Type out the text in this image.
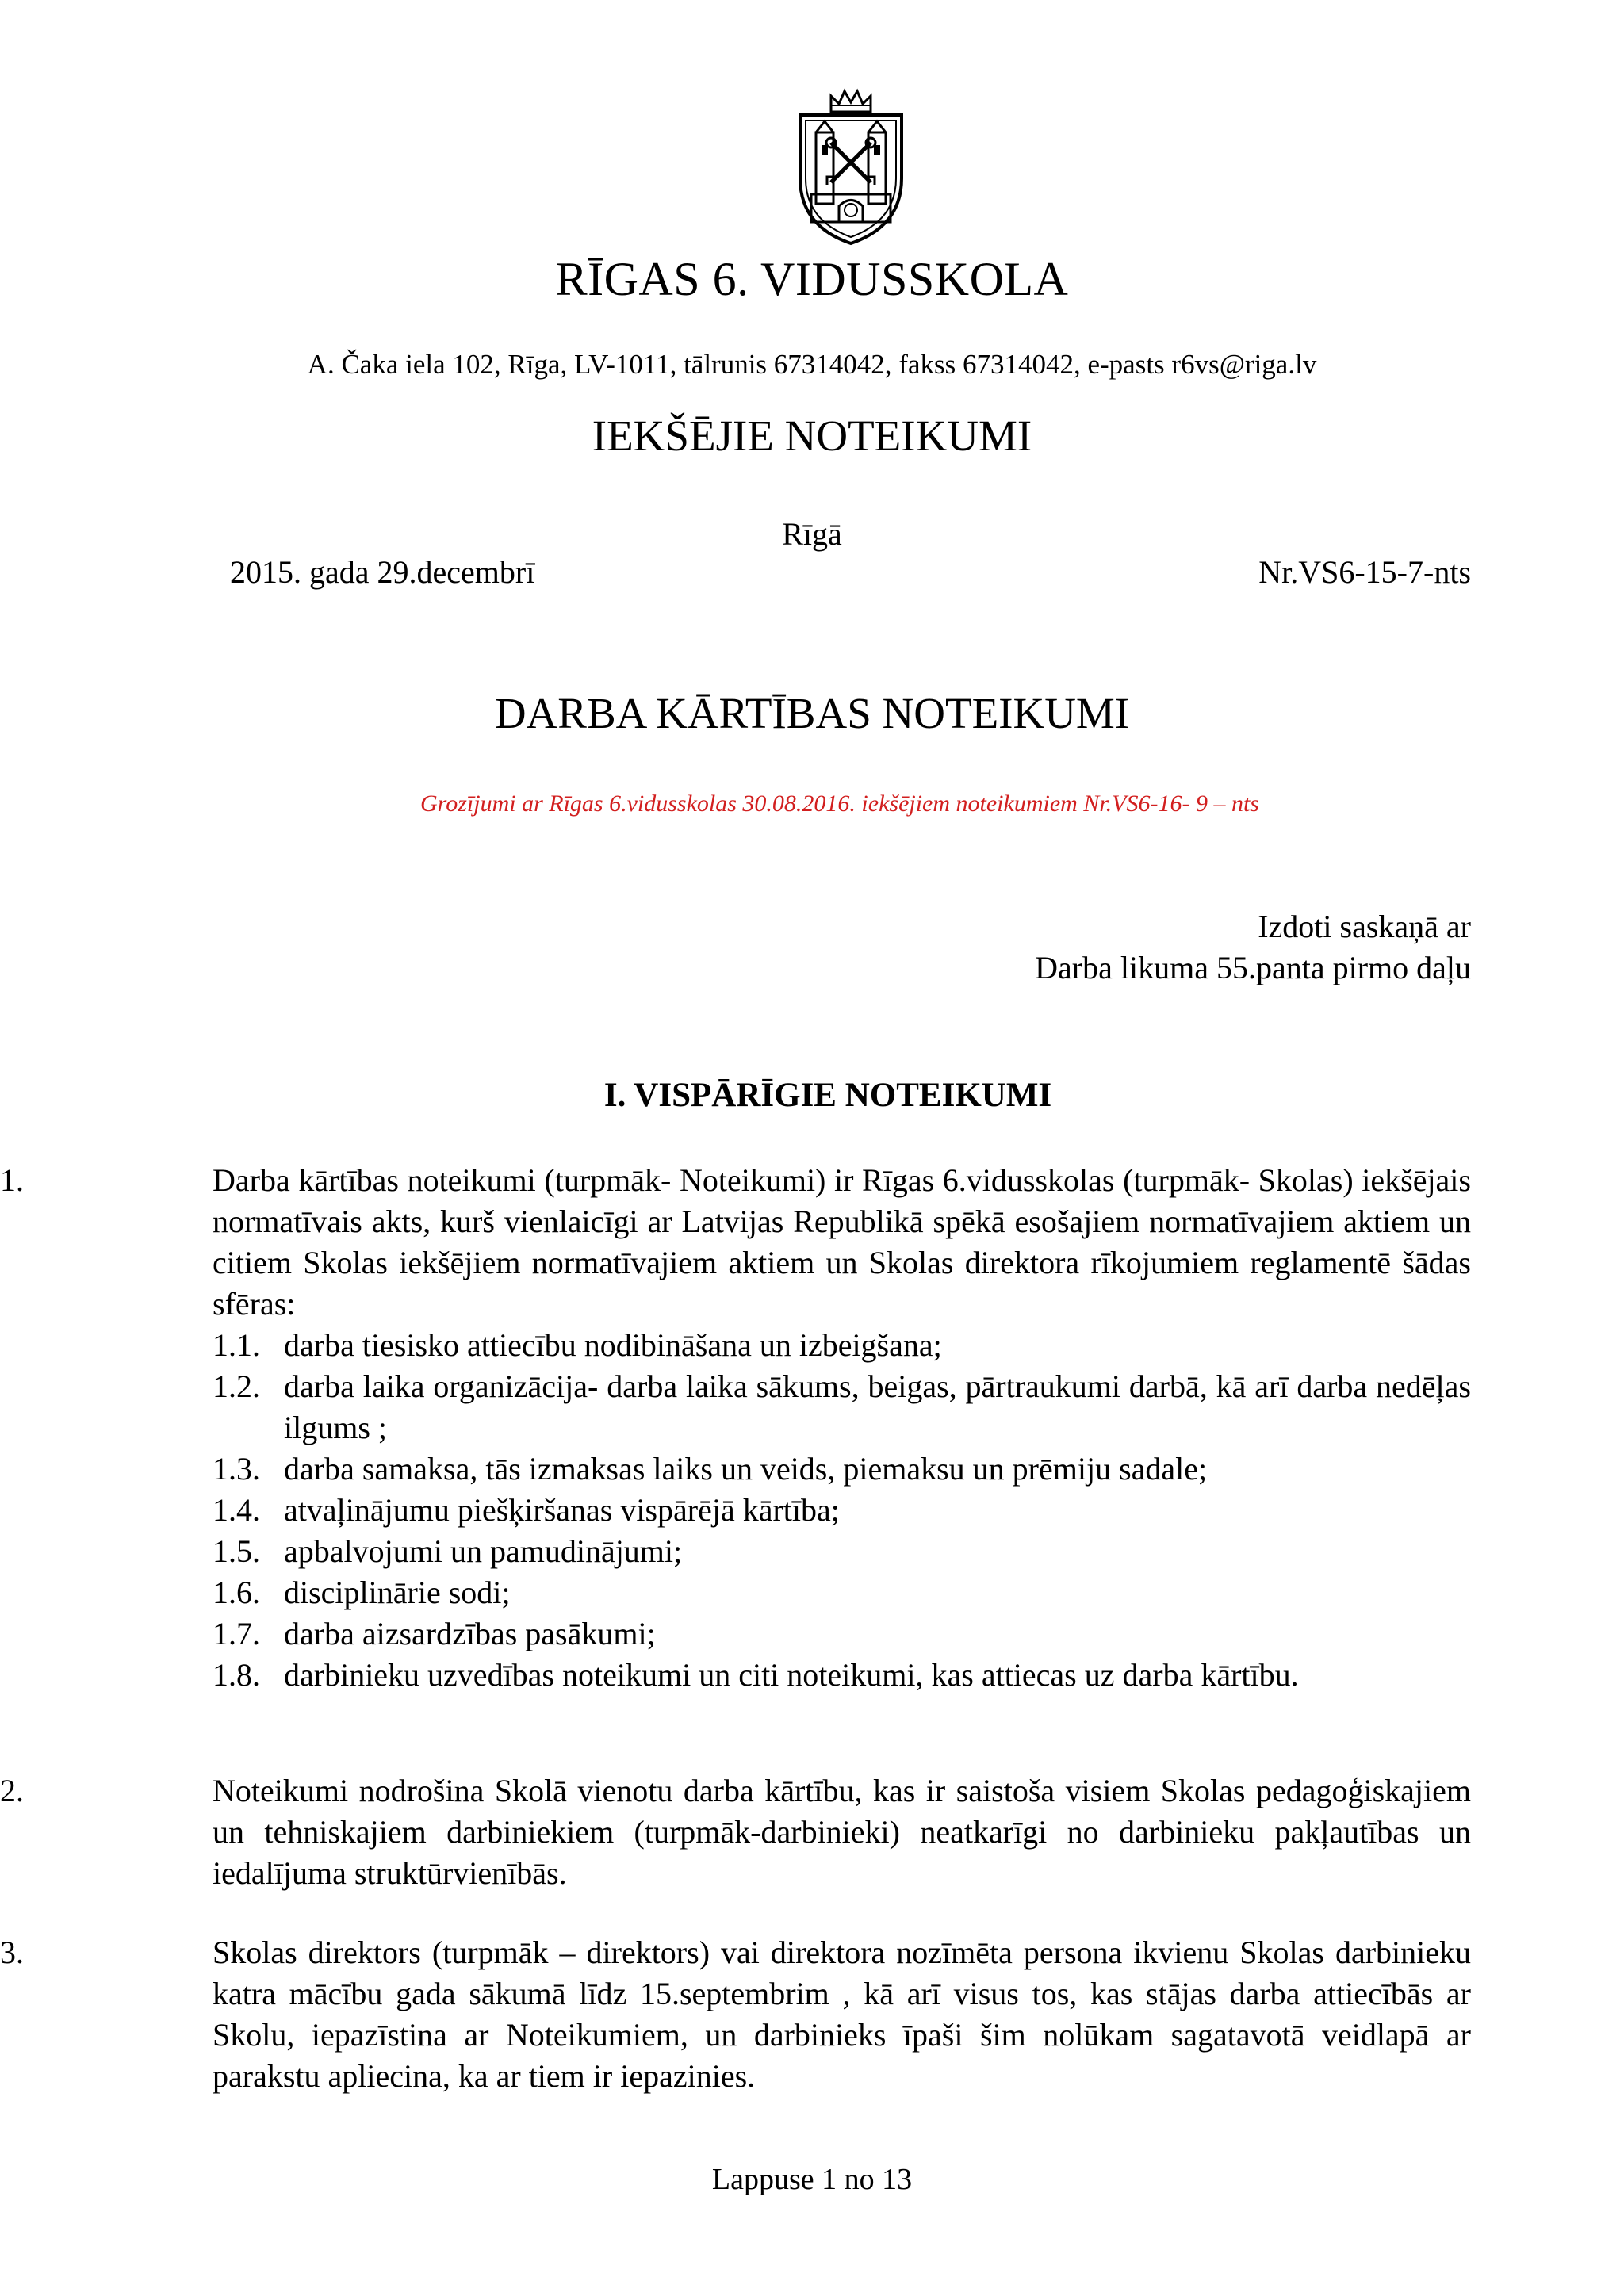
RĪGAS 6. VIDUSSKOLA
A. Čaka iela 102, Rīga, LV-1011, tālrunis 67314042, fakss 67314042, e-pasts r6vs@riga.lv
IEKŠĒJIE NOTEIKUMI
Rīgā
2015. gada 29.decembrī	Nr.VS6-15-7-nts
DARBA KĀRTĪBAS NOTEIKUMI
Grozījumi ar Rīgas 6.vidusskolas 30.08.2016. iekšējiem noteikumiem Nr.VS6-16- 9 – nts
Izdoti saskaņā ar
Darba likuma 55.panta pirmo daļu
I. VISPĀRĪGIE NOTEIKUMI
1.	Darba kārtības noteikumi (turpmāk- Noteikumi) ir Rīgas 6.vidusskolas (turpmāk- Skolas) iekšējais normatīvais akts, kurš vienlaicīgi ar Latvijas Republikā spēkā esošajiem normatīvajiem aktiem un citiem Skolas iekšējiem normatīvajiem aktiem un Skolas direktora rīkojumiem reglamentē šādas sfēras:
1.1. darba tiesisko attiecību nodibināšana un izbeigšana;
1.2. darba laika organizācija- darba laika sākums, beigas, pārtraukumi darbā, kā arī darba nedēļas ilgums ;
1.3. darba samaksa, tās izmaksas laiks un veids, piemaksu un prēmiju sadale;
1.4. atvaļinājumu piešķiršanas vispārējā kārtība;
1.5. apbalvojumi un pamudinājumi;
1.6. disciplinārie sodi;
1.7. darba aizsardzības pasākumi;
1.8. darbinieku uzvedības noteikumi un citi noteikumi, kas attiecas uz darba kārtību.
2.	Noteikumi nodrošina Skolā vienotu darba kārtību, kas ir saistoša visiem Skolas pedagoģiskajiem un tehniskajiem darbiniekiem (turpmāk-darbinieki) neatkarīgi no darbinieku pakļautības un iedalījuma struktūrvienībās.
3.	Skolas direktors (turpmāk – direktors) vai direktora nozīmēta persona ikvienu Skolas darbinieku katra mācību gada sākumā līdz 15.septembrim , kā arī visus tos, kas stājas darba attiecībās ar Skolu, iepazīstina ar Noteikumiem, un darbinieks īpaši šim nolūkam sagatavotā veidlapā ar parakstu apliecina, ka ar tiem ir iepazinies.
Lappuse 1 no 13
